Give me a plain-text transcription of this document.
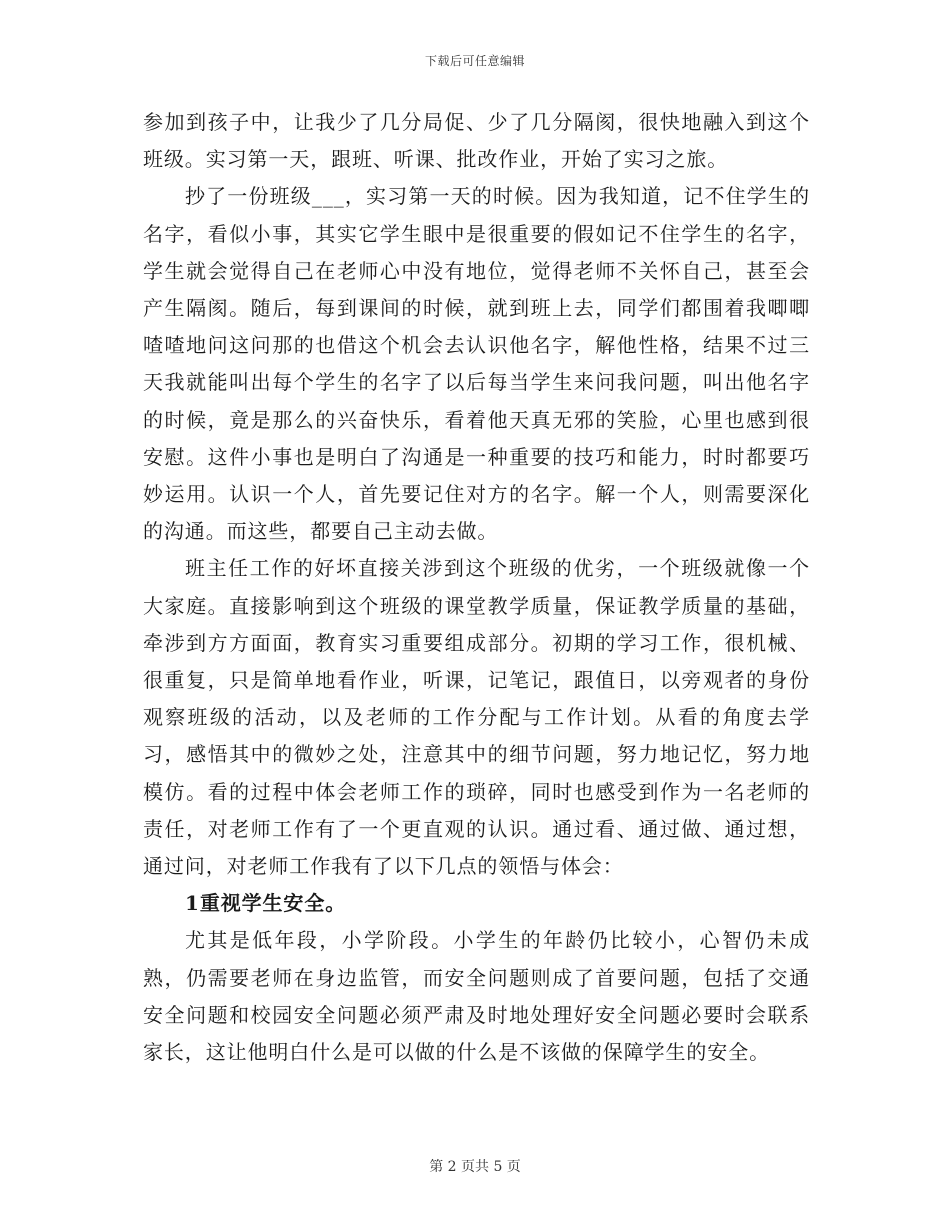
下载后可任意编辑

参加到孩子中，让我少了几分局促、少了几分隔阂，很快地融入到这个班级。实习第一天，跟班、听课、批改作业，开始了实习之旅。

抄了一份班级___，实习第一天的时候。因为我知道，记不住学生的名字，看似小事，其实它学生眼中是很重要的假如记不住学生的名字，学生就会觉得自己在老师心中没有地位，觉得老师不关怀自己，甚至会产生隔阂。随后，每到课间的时候，就到班上去，同学们都围着我唧唧喳喳地问这问那的也借这个机会去认识他名字，解他性格，结果不过三天我就能叫出每个学生的名字了以后每当学生来问我问题，叫出他名字的时候，竟是那么的兴奋快乐，看着他天真无邪的笑脸，心里也感到很安慰。这件小事也是明白了沟通是一种重要的技巧和能力，时时都要巧妙运用。认识一个人，首先要记住对方的名字。解一个人，则需要深化的沟通。而这些，都要自己主动去做。

班主任工作的好坏直接关涉到这个班级的优劣，一个班级就像一个大家庭。直接影响到这个班级的课堂教学质量，保证教学质量的基础，牵涉到方方面面，教育实习重要组成部分。初期的学习工作，很机械、很重复，只是简单地看作业，听课，记笔记，跟值日，以旁观者的身份观察班级的活动，以及老师的工作分配与工作计划。从看的角度去学习，感悟其中的微妙之处，注意其中的细节问题，努力地记忆，努力地模仿。看的过程中体会老师工作的琐碎，同时也感受到作为一名老师的责任，对老师工作有了一个更直观的认识。通过看、通过做、通过想，通过问，对老师工作我有了以下几点的领悟与体会：

1重视学生安全。

尤其是低年段，小学阶段。小学生的年龄仍比较小，心智仍未成熟，仍需要老师在身边监管，而安全问题则成了首要问题，包括了交通安全问题和校园安全问题必须严肃及时地处理好安全问题必要时会联系家长，这让他明白什么是可以做的什么是不该做的保障学生的安全。

第 2 页共 5 页
